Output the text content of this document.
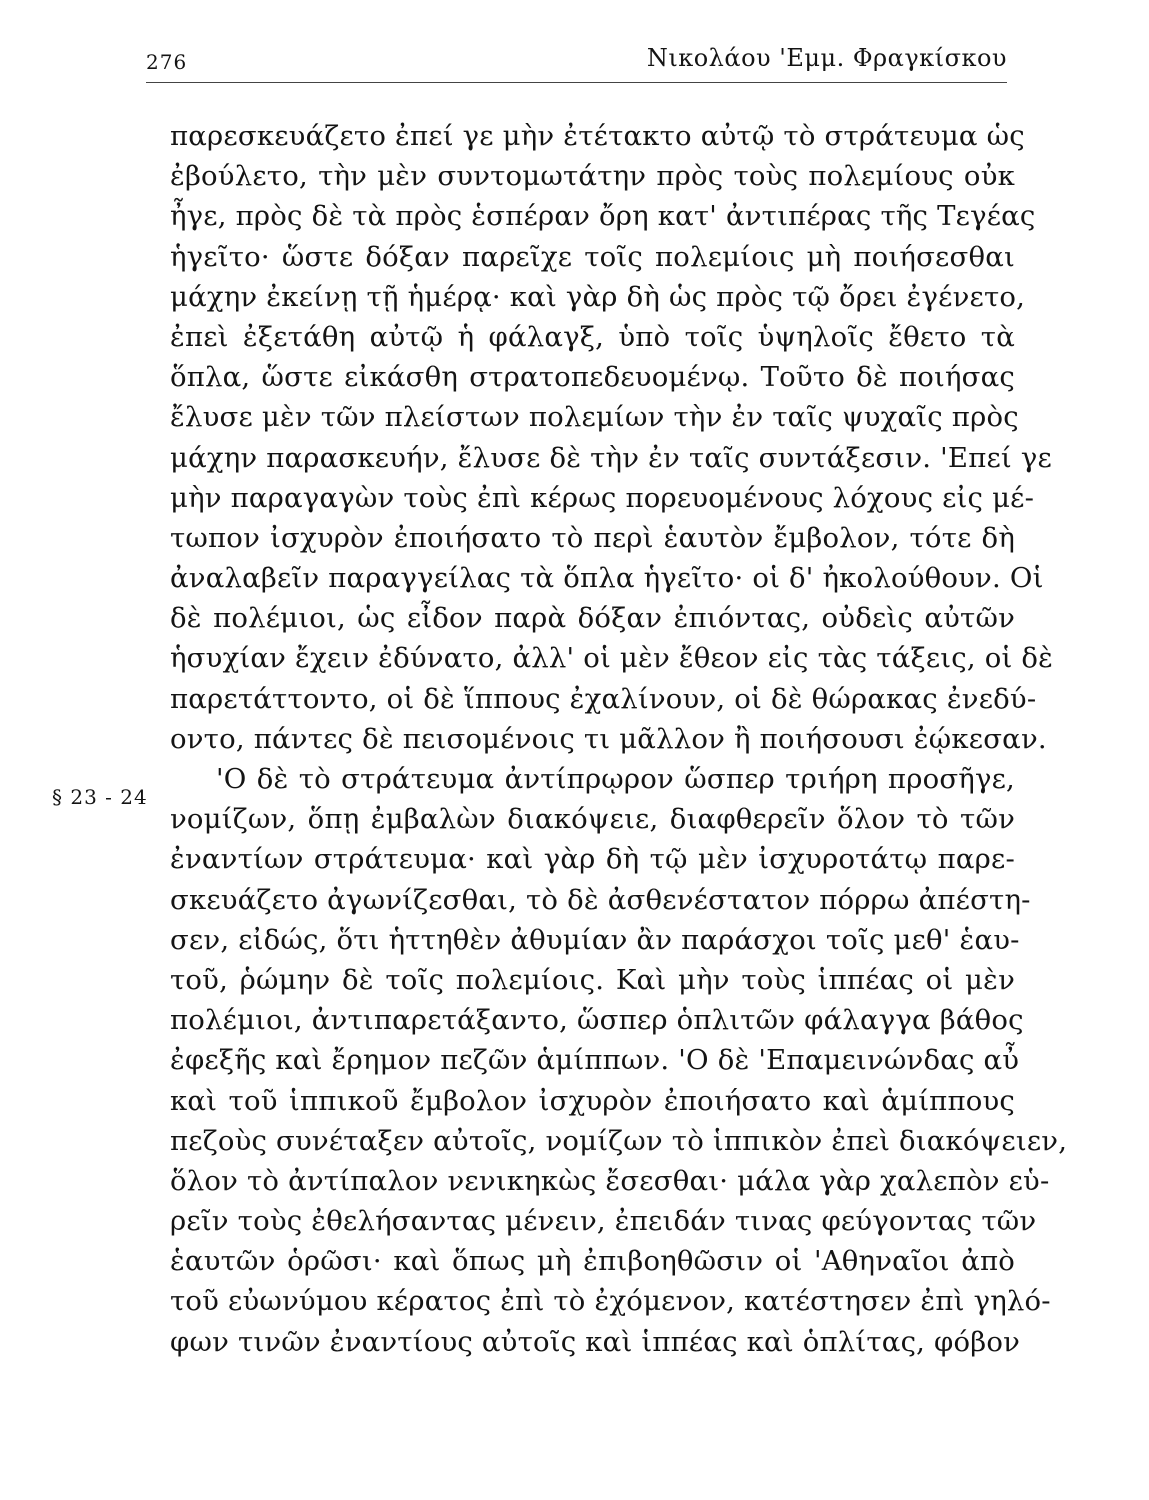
276	Νικολάου 'Εμμ. Φραγκίσκου
§ 23 - 24
παρεσκευάζετο ἐπεί γε μὴν ἐτέτακτο αὐτῷ τὸ στράτευμα ὡς
ἐβούλετο, τὴν μὲν συντομωτάτην πρὸς τοὺς πολεμίους οὐκ
ἦγε, πρὸς δὲ τὰ πρὸς ἑσπέραν ὄρη κατ' ἀντιπέρας τῆς Τεγέας
ἡγεῖτο· ὥστε δόξαν παρεῖχε τοῖς πολεμίοις μὴ ποιήσεσθαι
μάχην ἐκείνῃ τῇ ἡμέρᾳ· καὶ γὰρ δὴ ὡς πρὸς τῷ ὄρει ἐγένετο,
ἐπεὶ ἐξετάθη αὐτῷ ἡ φάλαγξ, ὑπὸ τοῖς ὑψηλοῖς ἔθετο τὰ
ὅπλα, ὥστε εἰκάσθη στρατοπεδευομένῳ. Τοῦτο δὲ ποιήσας
ἔλυσε μὲν τῶν πλείστων πολεμίων τὴν ἐν ταῖς ψυχαῖς πρὸς
μάχην παρασκευήν, ἔλυσε δὲ τὴν ἐν ταῖς συντάξεσιν. 'Επεί γε
μὴν παραγαγὼν τοὺς ἐπὶ κέρως πορευομένους λόχους εἰς μέ-
τωπον ἰσχυρὸν ἐποιήσατο τὸ περὶ ἑαυτὸν ἔμβολον, τότε δὴ
ἀναλαβεῖν παραγγείλας τὰ ὅπλα ἡγεῖτο· οἱ δ' ἠκολούθουν. Οἱ
δὲ πολέμιοι, ὡς εἶδον παρὰ δόξαν ἐπιόντας, οὐδεὶς αὐτῶν
ἡσυχίαν ἔχειν ἐδύνατο, ἀλλ' οἱ μὲν ἔθεον εἰς τὰς τάξεις, οἱ δὲ
παρετάττοντο, οἱ δὲ ἵππους ἐχαλίνουν, οἱ δὲ θώρακας ἐνεδύ-
οντο, πάντες δὲ πεισομένοις τι μᾶλλον ἢ ποιήσουσι ἐῴκεσαν.
'Ο δὲ τὸ στράτευμα ἀντίπρῳρον ὥσπερ τριήρη προσῆγε,
νομίζων, ὅπῃ ἐμβαλὼν διακόψειε, διαφθερεῖν ὅλον τὸ τῶν
ἐναντίων στράτευμα· καὶ γὰρ δὴ τῷ μὲν ἰσχυροτάτῳ παρε-
σκευάζετο ἀγωνίζεσθαι, τὸ δὲ ἀσθενέστατον πόρρω ἀπέστη-
σεν, εἰδώς, ὅτι ἡττηθὲν ἀθυμίαν ἂν παράσχοι τοῖς μεθ' ἑαυ-
τοῦ, ῥώμην δὲ τοῖς πολεμίοις. Καὶ μὴν τοὺς ἱππέας οἱ μὲν
πολέμιοι, ἀντιπαρετάξαντο, ὥσπερ ὁπλιτῶν φάλαγγα βάθος
ἐφεξῆς καὶ ἔρημον πεζῶν ἁμίππων. 'Ο δὲ 'Επαμεινώνδας αὖ
καὶ τοῦ ἱππικοῦ ἔμβολον ἰσχυρὸν ἐποιήσατο καὶ ἁμίππους
πεζοὺς συνέταξεν αὐτοῖς, νομίζων τὸ ἱππικὸν ἐπεὶ διακόψειεν,
ὅλον τὸ ἀντίπαλον νενικηκὼς ἔσεσθαι· μάλα γὰρ χαλεπὸν εὑ-
ρεῖν τοὺς ἐθελήσαντας μένειν, ἐπειδάν τινας φεύγοντας τῶν
ἑαυτῶν ὁρῶσι· καὶ ὅπως μὴ ἐπιβοηθῶσιν οἱ 'Αθηναῖοι ἀπὸ
τοῦ εὐωνύμου κέρατος ἐπὶ τὸ ἐχόμενον, κατέστησεν ἐπὶ γηλό-
φων τινῶν ἐναντίους αὐτοῖς καὶ ἱππέας καὶ ὁπλίτας, φόβον
